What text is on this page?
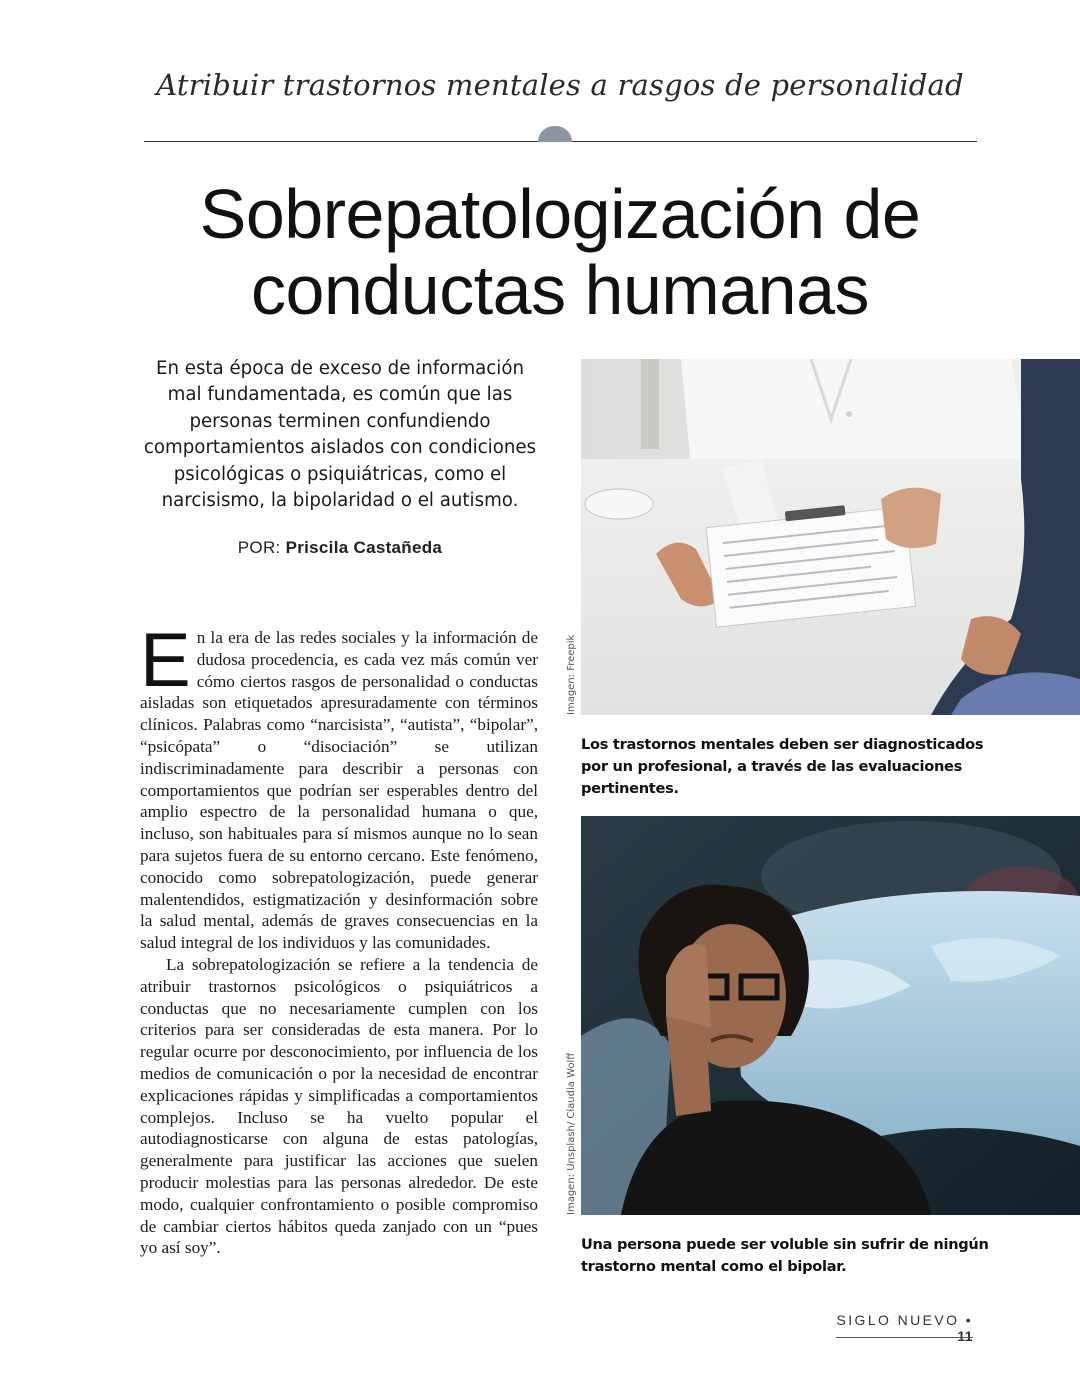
Atribuir trastornos mentales a rasgos de personalidad
Sobrepatologización de
conductas humanas

En esta época de exceso de información mal fundamentada, es común que las personas terminen confundiendo comportamientos aislados con condiciones psicológicas o psiquiátricas, como el narcisismo, la bipolaridad o el autismo.

POR: Priscila Castañeda

En la era de las redes sociales y la información de dudosa procedencia, es cada vez más común ver cómo ciertos rasgos de personalidad o conductas aisladas son etiquetados apresuradamente con términos clínicos. Palabras como “narcisista”, “autista”, “bipolar”, “psicópata” o “disociación” se utilizan indiscriminadamente para describir a personas con comportamientos que podrían ser esperables dentro del amplio espectro de la personalidad humana o que, incluso, son habituales para sí mismos aunque no lo sean para sujetos fuera de su entorno cercano. Este fenómeno, conocido como sobrepatologización, puede generar malentendidos, estigmatización y desinformación sobre la salud mental, además de graves consecuencias en la salud integral de los individuos y las comunidades.

La sobrepatologización se refiere a la tendencia de atribuir trastornos psicológicos o psiquiátricos a conductas que no necesariamente cumplen con los criterios para ser consideradas de esta manera. Por lo regular ocurre por desconocimiento, por influencia de los medios de comunicación o por la necesidad de encontrar explicaciones rápidas y simplificadas a comportamientos complejos. Incluso se ha vuelto popular el autodiagnosticarse con alguna de estas patologías, generalmente para justificar las acciones que suelen producir molestias para las personas alrededor. De este modo, cualquier confrontamiento o posible compromiso de cambiar ciertos hábitos queda zanjado con un “pues yo así soy”.

Imagen: Freepik

Los trastornos mentales deben ser diagnosticados por un profesional, a través de las evaluaciones pertinentes.

Imagen: Unsplash/ Claudia Wolff

Una persona puede ser voluble sin sufrir de ningún trastorno mental como el bipolar.

SIGLO NUEVO • 11
